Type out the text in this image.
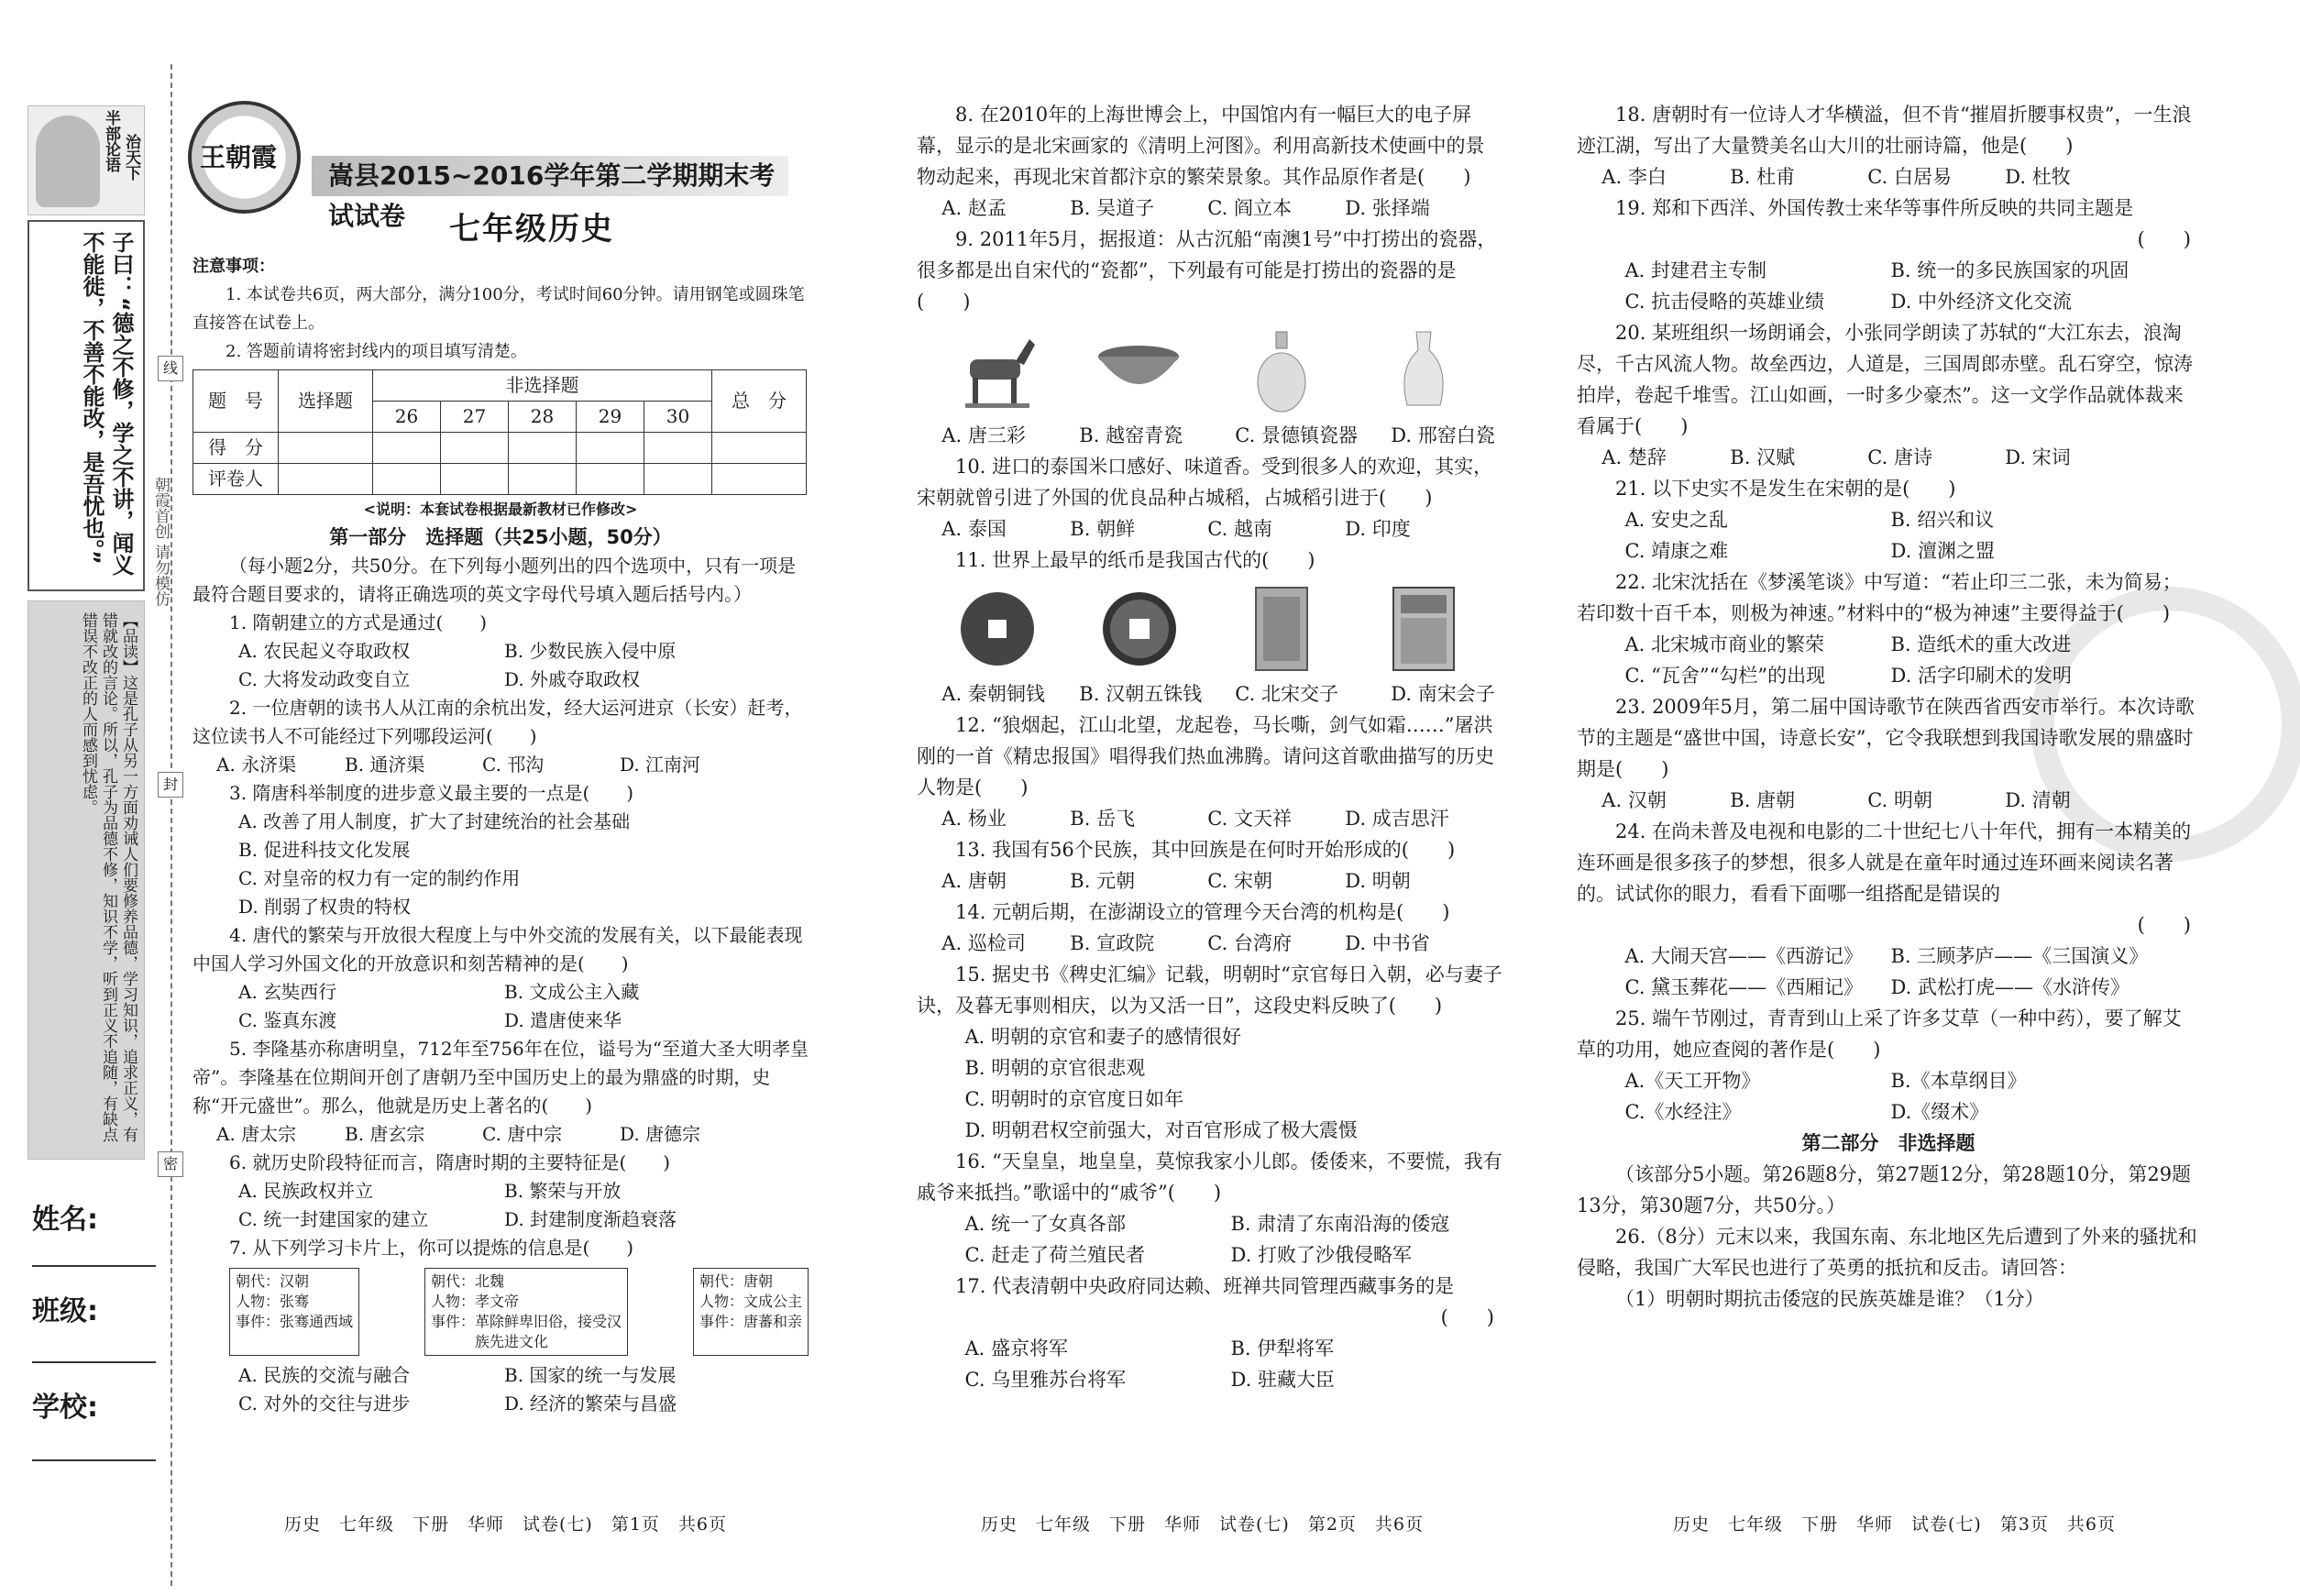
半部论语
治天下
子曰：“德之不修，学之不讲，闻义不能徙，不善不能改，是吾忧也。”
【品读】这是孔子从另一方面劝诫人们要修养品德，学习知识，追求正义，有错就改的言论。所以，孔子为品德不修，知识不学，听到正义不追随，有缺点错误不改正的人而感到忧虑。
姓名:
班级:
学校:
线
封
密
朝霞首创 请勿模仿
王朝霞
嵩县2015~2016学年第二学期期末考试试卷	七年级历史

注意事项：

1. 本试卷共6页，两大部分，满分100分，考试时间60分钟。请用钢笔或圆珠笔直接答在试卷上。

2. 答题前请将密封线内的项目填写清楚。

题　号	选择题	非选择题					总　分
		26	27	28	29	30	
得　分							
评卷人							

<说明：本套试卷根据最新教材已作修改>

第一部分　选择题（共25小题，50分）

（每小题2分，共50分。在下列每小题列出的四个选项中，只有一项是最符合题目要求的，请将正确选项的英文字母代号填入题后括号内。）

1. 隋朝建立的方式是通过(　　)

A. 农民起义夺取政权	B. 少数民族入侵中原
C. 大将发动政变自立	D. 外戚夺取政权

2. 一位唐朝的读书人从江南的余杭出发，经大运河进京（长安）赶考，这位读书人不可能经过下列哪段运河(　　)

A. 永济渠	B. 通济渠	C. 邗沟	D. 江南河

3. 隋唐科举制度的进步意义最主要的一点是(　　)

A. 改善了用人制度，扩大了封建统治的社会基础

B. 促进科技文化发展

C. 对皇帝的权力有一定的制约作用

D. 削弱了权贵的特权

4. 唐代的繁荣与开放很大程度上与中外交流的发展有关，以下最能表现中国人学习外国文化的开放意识和刻苦精神的是(　　)

A. 玄奘西行	B. 文成公主入藏
C. 鉴真东渡	D. 遣唐使来华

5. 李隆基亦称唐明皇，712年至756年在位，谥号为“至道大圣大明孝皇帝”。李隆基在位期间开创了唐朝乃至中国历史上的最为鼎盛的时期，史称“开元盛世”。那么，他就是历史上著名的(　　)

A. 唐太宗	B. 唐玄宗	C. 唐中宗	D. 唐德宗

6. 就历史阶段特征而言，隋唐时期的主要特征是(　　)

A. 民族政权并立	B. 繁荣与开放
C. 统一封建国家的建立	D. 封建制度渐趋衰落

7. 从下列学习卡片上，你可以提炼的信息是(　　)

朝代：汉朝
人物：张骞
事件：张骞通西域
朝代：北魏
人物：孝文帝
事件：革除鲜卑旧俗，接受汉
族先进文化
朝代：唐朝
人物：文成公主
事件：唐蕃和亲
A. 民族的交流与融合	B. 国家的统一与发展
C. 对外的交往与进步	D. 经济的繁荣与昌盛

8. 在2010年的上海世博会上，中国馆内有一幅巨大的电子屏幕，显示的是北宋画家的《清明上河图》。利用高新技术使画中的景物动起来，再现北宋首都汴京的繁荣景象。其作品原作者是(　　)

A. 赵孟	B. 吴道子	C. 阎立本	D. 张择端

9. 2011年5月，据报道：从古沉船“南澳1号”中打捞出的瓷器，很多都是出自宋代的“瓷都”，下列最有可能是打捞出的瓷器的是(　　)

A. 唐三彩	B. 越窑青瓷	C. 景德镇瓷器	D. 邢窑白瓷

10. 进口的泰国米口感好、味道香。受到很多人的欢迎，其实，宋朝就曾引进了外国的优良品种占城稻，占城稻引进于(　　)

A. 泰国	B. 朝鲜	C. 越南	D. 印度

11. 世界上最早的纸币是我国古代的(　　)

A. 秦朝铜钱	B. 汉朝五铢钱	C. 北宋交子	D. 南宋会子

12. “狼烟起，江山北望，龙起卷，马长嘶，剑气如霜……”屠洪刚的一首《精忠报国》唱得我们热血沸腾。请问这首歌曲描写的历史人物是(　　)

A. 杨业	B. 岳飞	C. 文天祥	D. 成吉思汗

13. 我国有56个民族，其中回族是在何时开始形成的(　　)

A. 唐朝	B. 元朝	C. 宋朝	D. 明朝

14. 元朝后期，在澎湖设立的管理今天台湾的机构是(　　)

A. 巡检司	B. 宣政院	C. 台湾府	D. 中书省

15. 据史书《稗史汇编》记载，明朝时“京官每日入朝，必与妻子诀，及暮无事则相庆，以为又活一日”，这段史料反映了(　　)

A. 明朝的京官和妻子的感情很好

B. 明朝的京官很悲观

C. 明朝时的京官度日如年

D. 明朝君权空前强大，对百官形成了极大震慑

16. “天皇皇，地皇皇，莫惊我家小儿郎。倭倭来，不要慌，我有戚爷来抵挡。”歌谣中的“戚爷”(　　)

A. 统一了女真各部	B. 肃清了东南沿海的倭寇
C. 赶走了荷兰殖民者	D. 打败了沙俄侵略军

17. 代表清朝中央政府同达赖、班禅共同管理西藏事务的是

(　　)

A. 盛京将军	B. 伊犁将军
C. 乌里雅苏台将军	D. 驻藏大臣

18. 唐朝时有一位诗人才华横溢，但不肯“摧眉折腰事权贵”，一生浪迹江湖，写出了大量赞美名山大川的壮丽诗篇，他是(　　)

A. 李白	B. 杜甫	C. 白居易	D. 杜牧

19. 郑和下西洋、外国传教士来华等事件所反映的共同主题是

(　　)

A. 封建君主专制	B. 统一的多民族国家的巩固
C. 抗击侵略的英雄业绩	D. 中外经济文化交流

20. 某班组织一场朗诵会，小张同学朗读了苏轼的“大江东去，浪淘尽，千古风流人物。故垒西边，人道是，三国周郎赤壁。乱石穿空，惊涛拍岸，卷起千堆雪。江山如画，一时多少豪杰”。这一文学作品就体裁来看属于(　　)

A. 楚辞	B. 汉赋	C. 唐诗	D. 宋词

21. 以下史实不是发生在宋朝的是(　　)

A. 安史之乱	B. 绍兴和议
C. 靖康之难	D. 澶渊之盟

22. 北宋沈括在《梦溪笔谈》中写道：“若止印三二张，未为简易；若印数十百千本，则极为神速。”材料中的“极为神速”主要得益于(　　)

A. 北宋城市商业的繁荣	B. 造纸术的重大改进
C. “瓦舍”“勾栏”的出现	D. 活字印刷术的发明

23. 2009年5月，第二届中国诗歌节在陕西省西安市举行。本次诗歌节的主题是“盛世中国，诗意长安”，它令我联想到我国诗歌发展的鼎盛时期是(　　)

A. 汉朝	B. 唐朝	C. 明朝	D. 清朝

24. 在尚未普及电视和电影的二十世纪七八十年代，拥有一本精美的连环画是很多孩子的梦想，很多人就是在童年时通过连环画来阅读名著的。试试你的眼力，看看下面哪一组搭配是错误的

(　　)

A. 大闹天宫——《西游记》	B. 三顾茅庐——《三国演义》
C. 黛玉葬花——《西厢记》	D. 武松打虎——《水浒传》

25. 端午节刚过，青青到山上采了许多艾草（一种中药），要了解艾草的功用，她应查阅的著作是(　　)

A.《天工开物》	B.《本草纲目》
C.《水经注》	D.《缀术》

第二部分　非选择题

（该部分5小题。第26题8分，第27题12分，第28题10分，第29题13分，第30题7分，共50分。）

26.（8分）元末以来，我国东南、东北地区先后遭到了外来的骚扰和侵略，我国广大军民也进行了英勇的抵抗和反击。请回答：

（1）明朝时期抗击倭寇的民族英雄是谁？（1分）

历史　七年级　下册　华师　试卷(七)　第1页　共6页	历史　七年级　下册　华师　试卷(七)　第2页　共6页	历史　七年级　下册　华师　试卷(七)　第3页　共6页
